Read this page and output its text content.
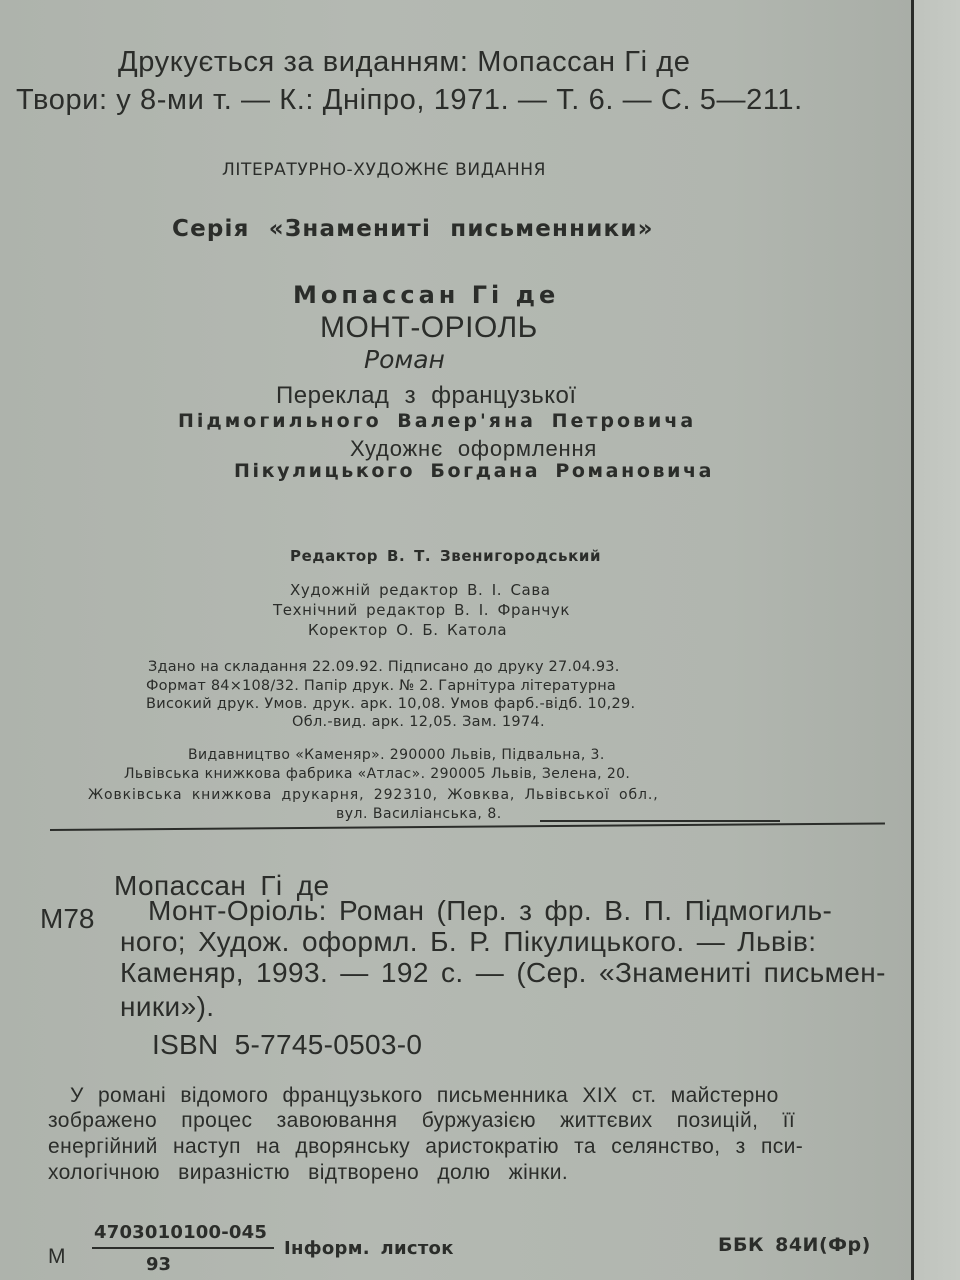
Друкується за виданням: Мопассан Гі де
Твори: у 8-ми т. — К.: Дніпро, 1971. — Т. 6. — С. 5—211.
ЛІТЕРАТУРНО-ХУДОЖНЄ ВИДАННЯ
Серія «Знамениті письменники»
Мопассан Гі де
МОНТ-ОРІОЛЬ
Роман
Переклад з французької
Підмогильного Валер'яна Петровича
Художнє оформлення
Пікулицького Богдана Романовича
Редактор В. Т. Звенигородський
Художній редактор В. І. Сава
Технічний редактор В. І. Франчук
Коректор О. Б. Катола
Здано на складання 22.09.92. Підписано до друку 27.04.93.
Формат 84×108/32. Папір друк. № 2. Гарнітура літературна
Високий друк. Умов. друк. арк. 10,08. Умов фарб.-відб. 10,29.
Обл.-вид. арк. 12,05. Зам. 1974.
Видавництво «Каменяр». 290000 Львів, Підвальна, 3.
Львівська книжкова фабрика «Атлас». 290005 Львів, Зелена, 20.
Жовківська книжкова друкарня, 292310, Жовква, Львівської обл.,
вул. Василіанська, 8.
Мопассан Гі де
М78 Монт-Оріоль: Роман (Пер. з фр. В. П. Підмогиль-
ного; Худож. оформл. Б. Р. Пікулицького. — Львів:
Каменяр, 1993. — 192 с. — (Сер. «Знамениті письмен-
ники»).
ISBN 5-7745-0503-0
У романі відомого французького письменника XIX ст. майстерно
зображено процес завоювання буржуазією життєвих позицій, її
енергійний наступ на дворянську аристократію та селянство, з пси-
хологічною виразністю відтворено долю жінки.
М
4703010100-045
93
Інформ. листок	ББК 84И(Фр)
